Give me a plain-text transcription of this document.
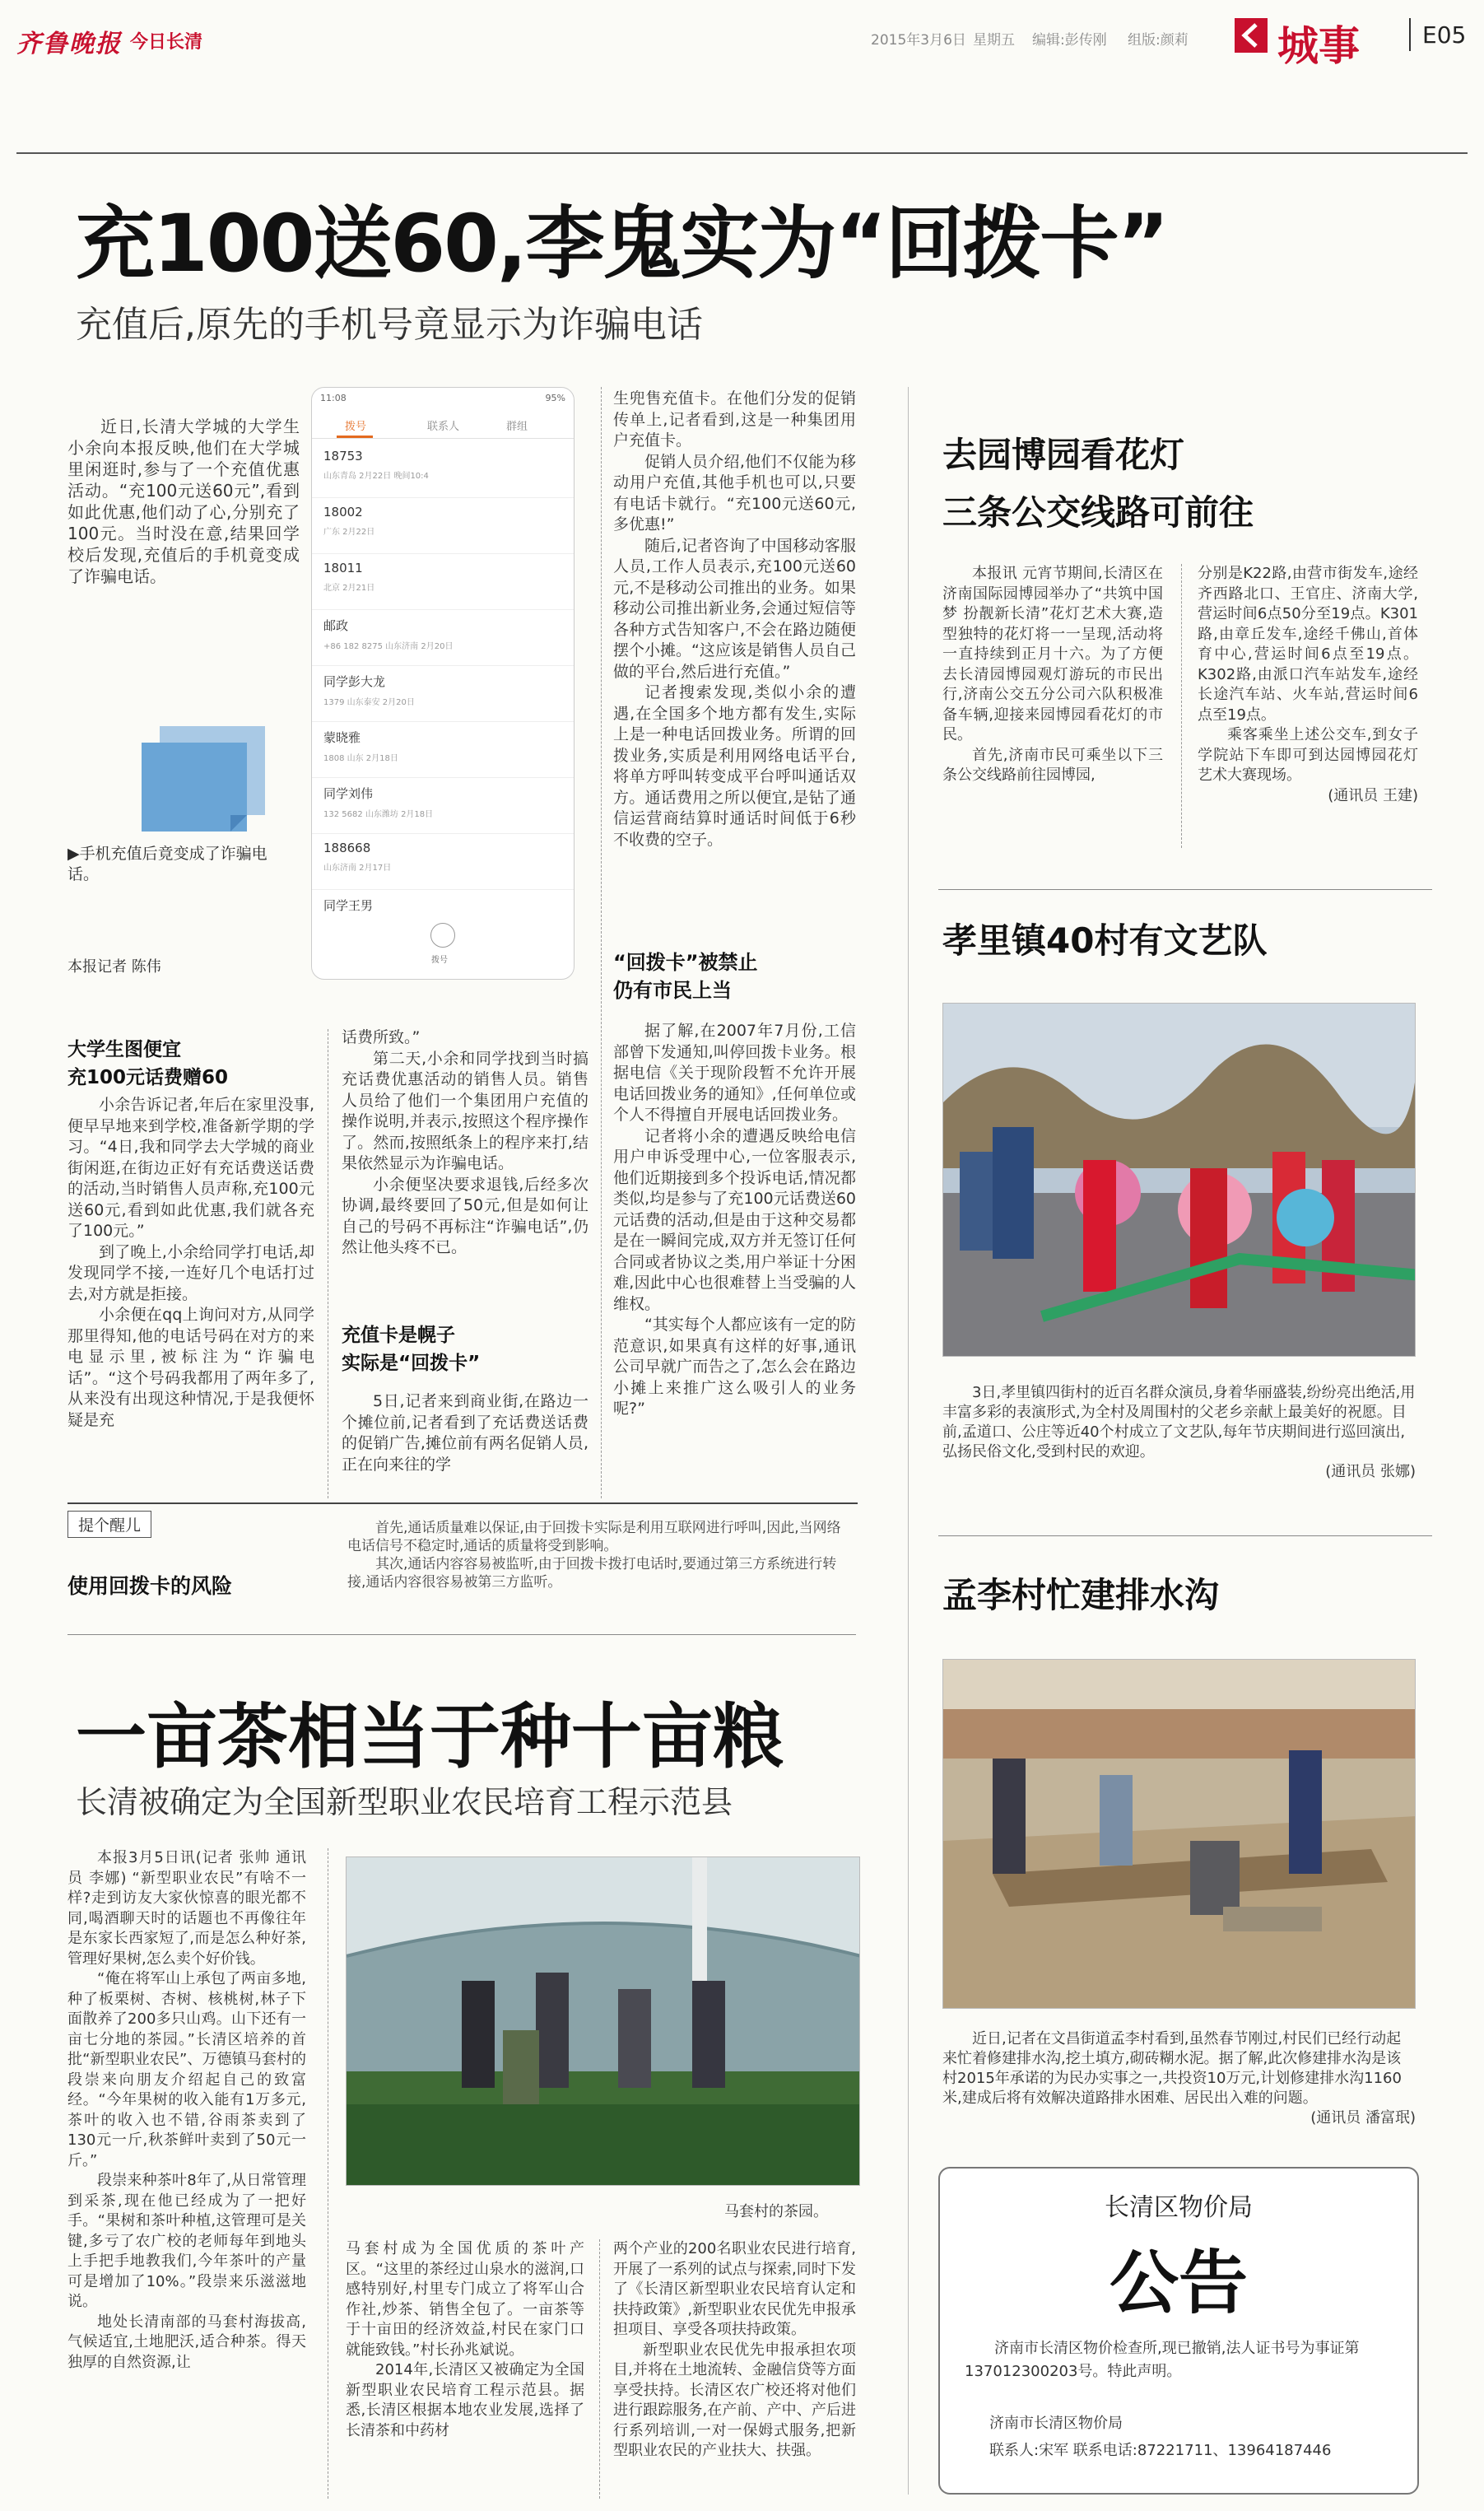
齐鲁晚报 今日长清	2015年3月6日 星期五 编辑:彭传刚 组版:颜莉 城事	E05
充100送60,李鬼实为“回拨卡”
充值后,原先的手机号竟显示为诈骗电话

近日,长清大学城的大学生小余向本报反映,他们在大学城里闲逛时,参与了一个充值优惠活动。“充100元送60元”,看到如此优惠,他们动了心,分别充了100元。当时没在意,结果回学校后发现,充值后的手机竟变成了诈骗电话。

▶手机充值后竟变成了诈骗电话。
本报记者 陈伟
11:08	95%
拨号	联系人	群组
18753
山东青岛 2月22日 晚间10:4
18002
广东 2月22日
18011
北京 2月21日
邮政
+86 182 8275 山东济南 2月20日
同学彭大龙
1379 山东泰安 2月20日
蒙晓雅
1808 山东 2月18日
同学刘伟
132 5682 山东潍坊 2月18日
188668
山东济南 2月17日
同学王男
拨号

生兜售充值卡。在他们分发的促销传单上,记者看到,这是一种集团用户充值卡。

促销人员介绍,他们不仅能为移动用户充值,其他手机也可以,只要有电话卡就行。“充100元送60元,多优惠!”

随后,记者咨询了中国移动客服人员,工作人员表示,充100元送60元,不是移动公司推出的业务。如果移动公司推出新业务,会通过短信等各种方式告知客户,不会在路边随便摆个小摊。“这应该是销售人员自己做的平台,然后进行充值。”

记者搜索发现,类似小余的遭遇,在全国多个地方都有发生,实际上是一种电话回拨业务。所谓的回拨业务,实质是利用网络电话平台,将单方呼叫转变成平台呼叫通话双方。通话费用之所以便宜,是钻了通信运营商结算时通话时间低于6秒不收费的空子。

“回拨卡”被禁止
仍有市民上当

据了解,在2007年7月份,工信部曾下发通知,叫停回拨卡业务。根据电信《关于现阶段暂不允许开展电话回拨业务的通知》,任何单位或个人不得擅自开展电话回拨业务。

记者将小余的遭遇反映给电信用户申诉受理中心,一位客服表示,他们近期接到多个投诉电话,情况都类似,均是参与了充100元话费送60元话费的活动,但是由于这种交易都是在一瞬间完成,双方并无签订任何合同或者协议之类,用户举证十分困难,因此中心也很难替上当受骗的人维权。

“其实每个人都应该有一定的防范意识,如果真有这样的好事,通讯公司早就广而告之了,怎么会在路边小摊上来推广这么吸引人的业务呢?”

大学生图便宜
充100元话费赠60

小余告诉记者,年后在家里没事,便早早地来到学校,准备新学期的学习。“4日,我和同学去大学城的商业街闲逛,在街边正好有充话费送话费的活动,当时销售人员声称,充100元送60元,看到如此优惠,我们就各充了100元。”

到了晚上,小余给同学打电话,却发现同学不接,一连好几个电话打过去,对方就是拒接。

小余便在qq上询问对方,从同学那里得知,他的电话号码在对方的来电显示里,被标注为“诈骗电话”。“这个号码我都用了两年多了,从来没有出现这种情况,于是我便怀疑是充

话费所致。”

第二天,小余和同学找到当时搞充话费优惠活动的销售人员。销售人员给了他们一个集团用户充值的操作说明,并表示,按照这个程序操作了。然而,按照纸条上的程序来打,结果依然显示为诈骗电话。

小余便坚决要求退钱,后经多次协调,最终要回了50元,但是如何让自己的号码不再标注“诈骗电话”,仍然让他头疼不已。

充值卡是幌子
实际是“回拨卡”

5日,记者来到商业街,在路边一个摊位前,记者看到了充话费送话费的促销广告,摊位前有两名促销人员,正在向来往的学

提个醒儿
使用回拨卡的风险

首先,通话质量难以保证,由于回拨卡实际是利用互联网进行呼叫,因此,当网络电话信号不稳定时,通话的质量将受到影响。

其次,通话内容容易被监听,由于回拨卡拨打电话时,要通过第三方系统进行转接,通话内容很容易被第三方监听。

去园博园看花灯
三条公交线路可前往

本报讯 元宵节期间,长清区在济南国际园博园举办了“共筑中国梦 扮靓新长清”花灯艺术大赛,造型独特的花灯将一一呈现,活动将一直持续到正月十六。为了方便去长清园博园观灯游玩的市民出行,济南公交五分公司六队积极准备车辆,迎接来园博园看花灯的市民。

首先,济南市民可乘坐以下三条公交线路前往园博园,

分别是K22路,由营市街发车,途经齐西路北口、王官庄、济南大学,营运时间6点50分至19点。K301路,由章丘发车,途经千佛山,首体育中心,营运时间6点至19点。K302路,由派口汽车站发车,途经长途汽车站、火车站,营运时间6点至19点。

乘客乘坐上述公交车,到女子学院站下车即可到达园博园花灯艺术大赛现场。

(通讯员 王建)

孝里镇40村有文艺队

3日,孝里镇四街村的近百名群众演员,身着华丽盛装,纷纷亮出绝活,用丰富多彩的表演形式,为全村及周围村的父老乡亲献上最美好的祝愿。目前,孟道口、公庄等近40个村成立了文艺队,每年节庆期间进行巡回演出,弘扬民俗文化,受到村民的欢迎。

(通讯员 张娜)

孟李村忙建排水沟

近日,记者在文昌街道孟李村看到,虽然春节刚过,村民们已经行动起来忙着修建排水沟,挖土填方,砌砖糊水泥。据了解,此次修建排水沟是该村2015年承诺的为民办实事之一,共投资10万元,计划修建排水沟1160米,建成后将有效解决道路排水困难、居民出入难的问题。

(通讯员 潘富珉)

长清区物价局
公告
济南市长清区物价检查所,现已撤销,法人证书号为事证第137012300203号。特此声明。
济南市长清区物价局
联系人:宋军 联系电话:87221711、13964187446
一亩茶相当于种十亩粮
长清被确定为全国新型职业农民培育工程示范县

本报3月5日讯(记者 张帅 通讯员 李娜) “新型职业农民”有啥不一样?走到访友大家伙惊喜的眼光都不同,喝酒聊天时的话题也不再像往年是东家长西家短了,而是怎么种好茶,管理好果树,怎么卖个好价钱。

“俺在将军山上承包了两亩多地,种了板栗树、杏树、核桃树,林子下面散养了200多只山鸡。山下还有一亩七分地的茶园。”长清区培养的首批“新型职业农民”、万德镇马套村的段崇来向朋友介绍起自己的致富经。“今年果树的收入能有1万多元,茶叶的收入也不错,谷雨茶卖到了130元一斤,秋茶鲜叶卖到了50元一斤。”

段崇来种茶叶8年了,从日常管理到采茶,现在他已经成为了一把好手。“果树和茶叶种植,这管理可是关键,多亏了农广校的老师每年到地头上手把手地教我们,今年茶叶的产量可是增加了10%。”段崇来乐滋滋地说。

地处长清南部的马套村海拔高,气候适宜,土地肥沃,适合种茶。得天独厚的自然资源,让

马套村的茶园。

马套村成为全国优质的茶叶产区。“这里的茶经过山泉水的滋润,口感特别好,村里专门成立了将军山合作社,炒茶、销售全包了。一亩茶等于十亩田的经济效益,村民在家门口就能致钱。”村长孙兆斌说。

2014年,长清区又被确定为全国新型职业农民培育工程示范县。据悉,长清区根据本地农业发展,选择了长清茶和中药材

两个产业的200名职业农民进行培育,开展了一系列的试点与探索,同时下发了《长清区新型职业农民培育认定和扶持政策》,新型职业农民优先申报承担项目、享受各项扶持政策。

新型职业农民优先申报承担农项目,并将在土地流转、金融信贷等方面享受扶持。长清区农广校还将对他们进行跟踪服务,在产前、产中、产后进行系列培训,一对一保姆式服务,把新型职业农民的产业扶大、扶强。
